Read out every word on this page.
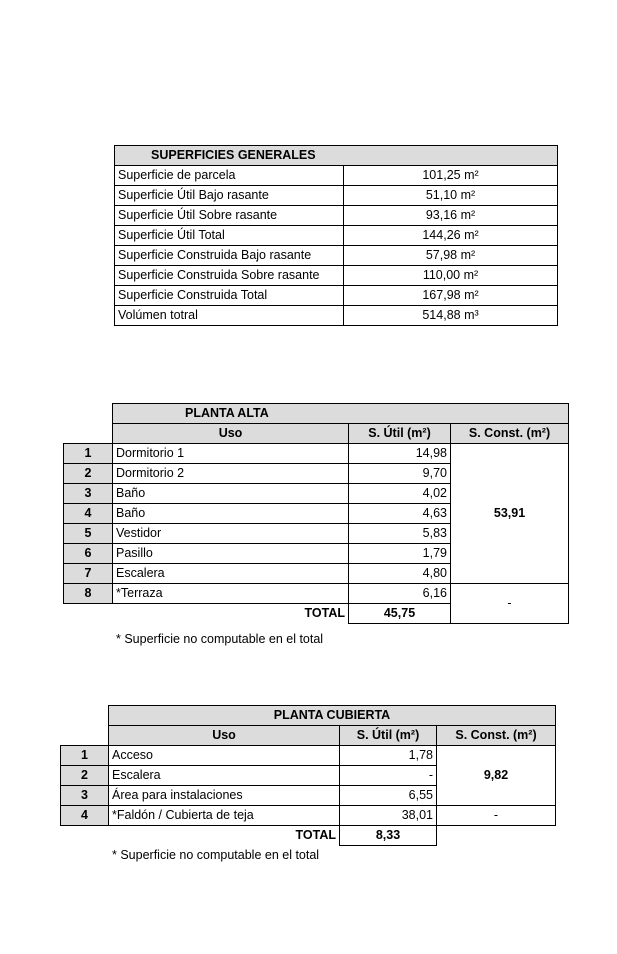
SUPERFICIES GENERALES	
Superficie de parcela	101,25 m²
Superficie Útil Bajo rasante	51,10 m²
Superficie Útil Sobre rasante	93,16 m²
Superficie Útil Total	144,26 m²
Superficie Construida Bajo rasante	57,98 m²
Superficie Construida Sobre rasante	110,00 m²
Superficie Construida Total	167,98 m²
Volúmen totral	514,88 m³
	PLANTA ALTA		
	Uso	S. Útil (m²)	S. Const. (m²)
1	Dormitorio 1	14,98	53,91
2	Dormitorio 2	9,70	
3	Baño	4,02	
4	Baño	4,63	
5	Vestidor	5,83	
6	Pasillo	1,79	
7	Escalera	4,80	
8	*Terraza	6,16	-
	TOTAL	45,75	
* Superficie no computable en el total
	PLANTA CUBIERTA		
	Uso	S. Útil (m²)	S. Const. (m²)
1	Acceso	1,78	9,82
2	Escalera	-	
3	Área para instalaciones	6,55	
4	*Faldón / Cubierta de teja	38,01	-
	TOTAL	8,33	
* Superficie no computable en el total
